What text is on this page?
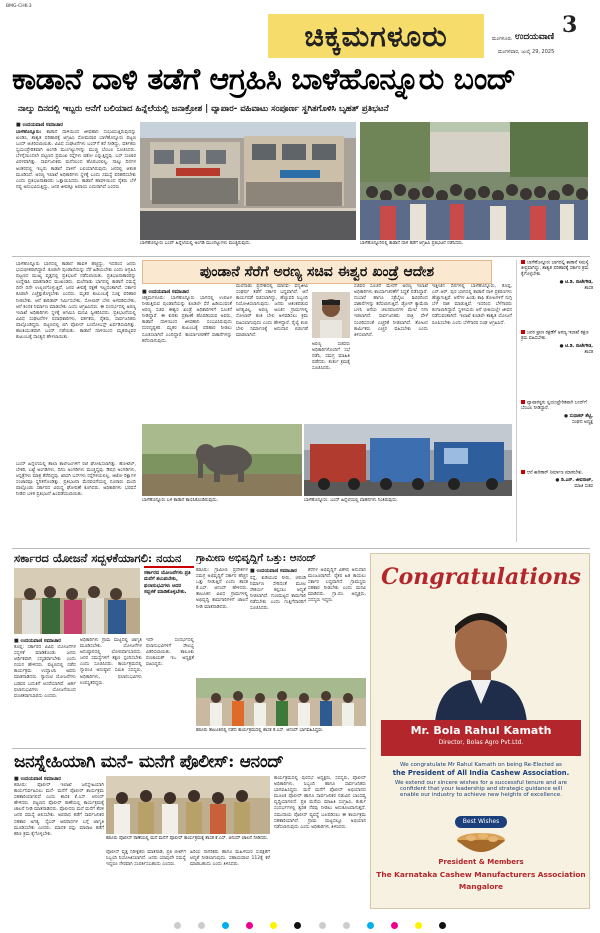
BMG-CHK-3
ಚಿಕ್ಕಮಗಳೂರು	3
ಮಂಗಳೂರು ಉದಯವಾಣಿ
ಮಂಗಳವಾರ, ಜುಲೈ 29, 2025
ಕಾಡಾನೆ ದಾಳಿ ತಡೆಗೆ ಆಗ್ರಹಿಸಿ ಬಾಳೆಹೊನ್ನೂರು ಬಂದ್
ನಾಲ್ಕು ದಿನದಲ್ಲಿ ಇಬ್ಬರು ಆನೆಗೆ ಬಲಿಯಾದ ಹಿನ್ನೆಲೆಯಲ್ಲಿ ಜನಾಕ್ರೋಶ | ವ್ಯಾಪಾರ- ವಹಿವಾಟು ಸಂಪೂರ್ಣ ಸ್ಥಗಿತಗೊಳಿಸಿ ಬೃಹತ್‌ ಪ್ರತಿಭಟನೆ
■ ಉದಯವಾಣಿ ಸಮಾಚಾರ
ಬಾಳೆಹೊನ್ನೂರು: ಕಾಡಾನೆ ದಾಳಿಯಿಂದ ಜೀವಹಾನಿ ಸಂಭವಿಸುತ್ತಿರುವುದನ್ನು ಖಂಡಿಸಿ, ಶಾಶ್ವತ ಪರಿಹಾರಕ್ಕೆ ಆಗ್ರಹಿಸಿ ಸೋಮವಾರ ಬಾಳೆಹೊನ್ನೂರು ಪಟ್ಟಣ ಬಂದ್‌ ಆಚರಿಸಲಾಯಿತು. ವಿವಿಧ ಸಂಘಟನೆಗಳು ಬಂದ್‌ಗೆ ಕರೆ ನೀಡಿದ್ದು, ವರ್ತಕರು ಸ್ವಯಂಪ್ರೇರಿತವಾಗಿ ಅಂಗಡಿ ಮುಂಗಟ್ಟುಗಳನ್ನು ಮುಚ್ಚಿ ಬೆಂಬಲ ಸೂಚಿಸಿದರು. ಬೆಳಗ್ಗೆಯಿಂದಲೇ ಪಟ್ಟಣದ ಪ್ರಮುಖ ರಸ್ತೆಗಳು ಬಿಕೋ ಎನ್ನುತ್ತಿದ್ದವು. ಬಸ್‌ ಸಂಚಾರ ವಿರಳವಾಗಿತ್ತು. ಸಾರ್ವಜನಿಕರು ಮನೆಯಿಂದ ಹೊರಬರಲಿಲ್ಲ. ನಾಲ್ಕು ದಿನಗಳ ಅಂತರದಲ್ಲಿ ಇಬ್ಬರು ಕಾಡಾನೆ ದಾಳಿಗೆ ಬಲಿಯಾಗಿರುವುದು ಜನರಲ್ಲಿ ಆತಂಕ ಮೂಡಿಸಿದೆ. ಅರಣ್ಯ ಇಲಾಖೆ ಅಧಿಕಾರಿಗಳು ಸ್ಥಳಕ್ಕೆ ಬಂದು ಸಮಸ್ಯೆ ಪರಿಹರಿಸಬೇಕು ಎಂದು ಪ್ರತಿಭಟನಾಕಾರರು ಒತ್ತಾಯಿಸಿದರು. ಕಾಡಾನೆ ಹಾವಳಿಯಿಂದ ರೈತರು ಬೆಳೆ ನಷ್ಟ ಅನುಭವಿಸುತ್ತಿದ್ದು, ಜನರ ಜೀವಕ್ಕೂ ಅಪಾಯ ಎದುರಾಗಿದೆ ಎಂದರು.
ಬಾಳೆಹೊನ್ನೂರು ಬಂದ್‌ ಹಿನ್ನೆಲೆಯಲ್ಲಿ ಅಂಗಡಿ ಮುಂಗಟ್ಟುಗಳು ಮುಚ್ಚಿರುವುದು.	ಬಾಳೆಹೊನ್ನೂರಿನಲ್ಲಿ ಕಾಡಾನೆ ದಾಳಿ ತಡೆಗೆ ಆಗ್ರಹಿಸಿ ಪ್ರತಿಭಟನೆ ನಡೆಸಿದರು.
ಪುಂಡಾನೆ ಸೆರೆಗೆ ಅರಣ್ಯ ಸಚಿವ ಈಶ್ವರ ಖಂಡ್ರೆ ಆದೇಶ
ಬಾಳೆಹೊನ್ನೂರು ಭಾಗದಲ್ಲಿ ಕಾಡಾನೆ ಹಾವಳಿ ಹೆಚ್ಚಿದ್ದು, ಇದರಿಂದ ಜನರು ಭಯಭೀತರಾಗಿದ್ದಾರೆ. ಕೂಡಲೇ ಪುಂಡಾನೆಯನ್ನು ಸೆರೆ ಹಿಡಿಯಬೇಕು ಎಂದು ಆಗ್ರಹಿಸಿ ಪಟ್ಟಣದ ಮುಖ್ಯ ವೃತ್ತದಲ್ಲಿ ಪ್ರತಿಭಟನೆ ನಡೆಸಲಾಯಿತು. ಪ್ರತಿಭಟನಾಕಾರರನ್ನು ಉದ್ದೇಶಿಸಿ ಮಾತನಾಡಿದ ಮುಖಂಡರು, ಮಲೆನಾಡು ಭಾಗದಲ್ಲಿ ಕಾಡಾನೆ ಸಮಸ್ಯೆ ದಿನೇ ದಿನೇ ಉಲ್ಬಣಗೊಳ್ಳುತ್ತಿದೆ. ಜನರ ಜೀವಕ್ಕೆ ರಕ್ಷಣೆ ಇಲ್ಲದಂತಾಗಿದೆ. ಸರ್ಕಾರ ಕೂಡಲೇ ಎಚ್ಚೆತ್ತುಕೊಳ್ಳಬೇಕು ಎಂದರು. ಮೃತರ ಕುಟುಂಬಕ್ಕೆ ಸೂಕ್ತ ಪರಿಹಾರ ನೀಡಬೇಕು. ಆನೆ ಕಾರಿಡಾರ್ ನಿರ್ಮಿಸಬೇಕು, ಸೋಲಾರ್‌ ಬೇಲಿ ಅಳವಡಿಸಬೇಕು, ಆನೆ ಕಂದಕ ನಿರ್ಮಾಣ ಮಾಡಬೇಕು ಎಂದು ಆಗ್ರಹಿಸಿದರು. ಈ ಸಂದರ್ಭದಲ್ಲಿ ಅರಣ್ಯ ಇಲಾಖೆ ಅಧಿಕಾರಿಗಳು ಸ್ಥಳಕ್ಕೆ ಆಗಮಿಸಿ ಮನವಿ ಸ್ವೀಕರಿಸಿದರು. ಪ್ರತಿಭಟನೆಯಲ್ಲಿ ವಿವಿಧ ಸಂಘಟನೆಗಳ ಪದಾಧಿಕಾರಿಗಳು, ವರ್ತಕರು, ರೈತರು, ಸಾರ್ವಜನಿಕರು ಪಾಲ್ಗೊಂಡಿದ್ದರು. ಪಟ್ಟಣದಲ್ಲಿ ಬಿಗಿ ಪೊಲೀಸ್‌ ಬಂದೋಬಸ್ತ್‌ ಏರ್ಪಡಿಸಲಾಗಿತ್ತು. ಶಾಂತಿಯುತವಾಗಿ ಬಂದ್‌ ನಡೆಯಿತು. ಕಾಡಾನೆ ದಾಳಿಯಿಂದ ಮೃತಪಟ್ಟವರ ಕುಟುಂಬಕ್ಕೆ ಸಾಂತ್ವನ ಹೇಳಲಾಯಿತು.
■ ಉದಯವಾಣಿ ಸಮಾಚಾರ
ಚಿಕ್ಕಮಗಳೂರು: ಬಾಳೆಹೊನ್ನೂರು ಭಾಗದಲ್ಲಿ ಉಪಟಳ ನೀಡುತ್ತಿರುವ ಪುಂಡಾನೆಯನ್ನು ಕೂಡಲೇ ಸೆರೆ ಹಿಡಿಯುವಂತೆ ಅರಣ್ಯ ಸಚಿವ ಈಶ್ವರ ಖಂಡ್ರೆ ಅಧಿಕಾರಿಗಳಿಗೆ ಸೂಚನೆ ನೀಡಿದ್ದಾರೆ. ಈ ಕುರಿತು ಪ್ರಕಟಣೆ ಹೊರಡಿಸಿರುವ ಅವರು, ಕಾಡಾನೆ ದಾಳಿಯಿಂದ ಜೀವಹಾನಿ ಸಂಭವಿಸಿರುವುದು ದುರದೃಷ್ಟಕರ. ಮೃತರ ಕುಟುಂಬಕ್ಕೆ ಪರಿಹಾರ ನೀಡಲು ಸೂಚಿಸಲಾಗಿದೆ ಎಂದಿದ್ದಾರೆ. ಕಾರ್ಯಾಚರಣೆಗೆ ಸಾಕಾನೆಗಳನ್ನು ಕರೆಸಲಾಗುವುದು.
ಮಲೆನಾಡು ಪ್ರದೇಶದಲ್ಲಿ ಮಾನವ- ವನ್ಯಜೀವಿ ಸಂಘರ್ಷ ತಡೆಗೆ ಸರ್ಕಾರ ಬದ್ಧವಾಗಿದೆ. ಆನೆ ಕಾರ್ಯಪಡೆ ರಚಿಸಲಾಗಿದ್ದು, ಹೆಚ್ಚುವರಿ ಸಿಬ್ಬಂದಿ ನಿಯೋಜಿಸಲಾಗುವುದು. ಜನರು ಆತಂಕಪಡುವ ಅಗತ್ಯವಿಲ್ಲ. ಅರಣ್ಯ ಅಂಚಿನ ಗ್ರಾಮಗಳಲ್ಲಿ ಸೋಲಾರ್‌ ತಂತಿ ಬೇಲಿ ಅಳವಡಿಸಲು ಕ್ರಮ ವಹಿಸಲಾಗುವುದು ಎಂದು ಹೇಳಿದ್ದಾರೆ. ರೈಲ್ವೆ ಕಂಬಿ ಬೇಲಿ ನಿರ್ಮಾಣಕ್ಕೆ ಅನುದಾನ ಬಿಡುಗಡೆ ಮಾಡಲಾಗಿದೆ.
ಅರಣ್ಯ ಸಚಿವರು ಅಧಿಕಾರಿಗಳೊಂದಿಗೆ ಸಭೆ ನಡೆಸಿ, ಸಮಗ್ರ ಮಾಹಿತಿ ಪಡೆದರು. ತುರ್ತು ಕ್ರಮಕ್ಕೆ ಸೂಚಿಸಿದರು.
ಸಚಿವರ ಸೂಚನೆ ಮೇರೆಗೆ ಅರಣ್ಯ ಇಲಾಖೆ ಅಧಿಕಾರಿಗಳು ಕಾರ್ಯಾಚರಣೆಗೆ ಸಿದ್ಧತೆ ನಡೆಸಿದ್ದಾರೆ. ದುಬಾರೆ ಹಾಗೂ ಸಕ್ರೆಬೈಲು ಶಿಬಿರದಿಂದ ಸಾಕಾನೆಗಳನ್ನು ಕರೆಸಲಾಗುತ್ತಿದೆ. ಡ್ರೋನ್‌ ಕ್ಯಾಮೆರಾ ಬಳಸಿ ಆನೆಯ ಚಲನವಲನಗಳ ಮೇಲೆ ನಿಗಾ ಇಡಲಾಗಿದೆ. ಸಾರ್ವಜನಿಕರು ರಾತ್ರಿ ವೇಳೆ ಸಂಚರಿಸದಂತೆ ಎಚ್ಚರಿಕೆ ನೀಡಲಾಗಿದೆ. ತೋಟದ ಕಾರ್ಮಿಕರು ಎಚ್ಚರ ವಹಿಸಬೇಕು ಎಂದು ತಿಳಿಸಲಾಗಿದೆ.
ಇತ್ತೀಚಿನ ದಿನಗಳಲ್ಲಿ ಬಾಳೆಹೊನ್ನೂರು, ಕೊಪ್ಪ, ಎನ್‌.ಆರ್‌. ಪುರ ಭಾಗದಲ್ಲಿ ಕಾಡಾನೆ ದಾಳಿ ಪ್ರಕರಣಗಳು ಹೆಚ್ಚಾಗುತ್ತಿವೆ. ಆನೆಗಳ ಹಿಂಡು ಕಾಫಿ ತೋಟಗಳಿಗೆ ನುಗ್ಗಿ ಬೆಳೆ ನಾಶ ಮಾಡುತ್ತಿವೆ. ಇದರಿಂದ ಬೆಳೆಗಾರರು ಕಂಗಾಲಾಗಿದ್ದಾರೆ. ಸ್ಥಳೀಯರು ಆನೆ ಭೀತಿಯಲ್ಲೇ ಜೀವನ ನಡೆಸುವಂತಾಗಿದೆ. ಇಲಾಖೆ ಕೂಡಲೇ ಶಾಶ್ವತ ಯೋಜನೆ ರೂಪಿಸಬೇಕು ಎಂದು ಬೆಳೆಗಾರರ ಸಂಘ ಆಗ್ರಹಿಸಿದೆ.
ಬಾಳೆಹೊನ್ನೂರು ಬಳಿ ಕಾಡಾನೆ ಕಾಣಿಸಿಕೊಂಡಿರುವುದು.	ಬಾಳೆಹೊನ್ನೂರು: ಬಂದ್‌ ಹಿನ್ನೆಲೆಯಲ್ಲಿ ವಾಹನಗಳು ನಿಂತಿರುವುದು.
ಬಂದ್‌ ಹಿನ್ನೆಲೆಯಲ್ಲಿ ಶಾಲಾ ಕಾಲೇಜುಗಳಿಗೆ ರಜೆ ಘೋಷಿಸಲಾಗಿತ್ತು. ಹೋಟೆಲ್‌, ಬೇಕರಿ, ಬಟ್ಟೆ ಅಂಗಡಿಗಳು, ದಿನಸಿ ಅಂಗಡಿಗಳು ಮುಚ್ಚಿದ್ದವು. ಔಷಧ ಅಂಗಡಿಗಳು, ಆಸ್ಪತ್ರೆಗಳು ಮಾತ್ರ ತೆರೆದಿದ್ದವು. ಖಾಸಗಿ ಬಸ್‌ಗಳು ರಸ್ತೆಗಿಳಿಯಲಿಲ್ಲ. ಆಟೋ ರಿಕ್ಷಾಗಳ ಸಂಚಾರವೂ ಸ್ಥಗಿತಗೊಂಡಿತ್ತು. ಪ್ರತಿಭಟನಾ ಮೆರವಣಿಗೆಯಲ್ಲಿ ನೂರಾರು ಮಂದಿ ಪಾಲ್ಗೊಂಡು ಸರ್ಕಾರದ ವಿರುದ್ಧ ಘೋಷಣೆ ಕೂಗಿದರು. ಅಧಿಕಾರಿಗಳು ಭರವಸೆ ನೀಡಿದ ಬಳಿಕ ಪ್ರತಿಭಟನೆ ಹಿಂಪಡೆಯಲಾಯಿತು.
ಬಾಳೆಹೊನ್ನೂರು ಭಾಗದಲ್ಲಿ ಕಾಡಾನೆ ಸಮಸ್ಯೆ ತೀವ್ರವಾಗಿದ್ದು, ಶಾಶ್ವತ ಪರಿಹಾರಕ್ಕೆ ಸರ್ಕಾರ ಕ್ರಮ ಕೈಗೊಳ್ಳಬೇಕು.
● ಟಿ.ಡಿ. ರಾಜೇಗೌಡ,
ಶಾಸಕ
ಜನರ ಪ್ರಾಣ ರಕ್ಷಣೆಗೆ ಅರಣ್ಯ ಇಲಾಖೆ ತಕ್ಷಣ ಕ್ರಮ ವಹಿಸಬೇಕು.
● ಟಿ.ಡಿ. ರಾಜೇಗೌಡ,
ಶಾಸಕ
ವ್ಯಾಪಾರಸ್ಥರು ಸ್ವಯಂಪ್ರೇರಿತವಾಗಿ ಬಂದ್‌ಗೆ ಬೆಂಬಲ ನೀಡಿದ್ದಾರೆ.
● ಸುಧಾಕರ್ ಶೆಟ್ಟಿ,
ಸಂಘದ ಅಧ್ಯಕ್ಷ
ಆನೆ ಕಾರಿಡಾರ್ ನಿರ್ಮಾಣ ಮಾಡಬೇಕು.
● ಡಿ.ಎನ್. ಜೀವರಾಜ್,
ಮಾಜಿ ಸಚಿವ
ಸರ್ಕಾರದ ಯೋಜನೆ ಸದ್ಬಳಕೆಯಾಗಲಿ: ನಯನ
ಸರ್ಕಾರದ ಯೋಜನೆಗಳು ಪ್ರತಿ ಮನೆಗೆ ತಲುಪಬೇಕು, ಫಲಾನುಭವಿಗಳು ಅದರ ಸದ್ಬಳಕೆ ಮಾಡಿಕೊಳ್ಳಬೇಕು.
■ ಉದಯವಾಣಿ ಸಮಾಚಾರ
ಕೊಪ್ಪ: ಸರ್ಕಾರದ ವಿವಿಧ ಯೋಜನೆಗಳ ಸದ್ಬಳಕೆ ಮಾಡಿಕೊಂಡು ಜನರು ಆರ್ಥಿಕವಾಗಿ ಸದೃಢರಾಗಬೇಕು ಎಂದು ನಯನ ಹೇಳಿದರು. ಪಟ್ಟಣದಲ್ಲಿ ನಡೆದ ಕಾರ್ಯಕ್ರಮ ಉದ್ಘಾಟಿಸಿ ಅವರು ಮಾತನಾಡಿದರು. ಗ್ಯಾರಂಟಿ ಯೋಜನೆಗಳು ಬಡವರ ಬದುಕಿಗೆ ಆಸರೆಯಾಗಿವೆ. ಅರ್ಹ ಫಲಾನುಭವಿಗಳು ಯೋಜನೆಯಿಂದ ವಂಚಿತರಾಗಬಾರದು ಎಂದರು.
ಅಧಿಕಾರಿಗಳು ಗ್ರಾಮ ಮಟ್ಟದಲ್ಲಿ ಜಾಗೃತಿ ಮೂಡಿಸಬೇಕು. ಯೋಜನೆಗಳ ಅನುಷ್ಠಾನದಲ್ಲಿ ಲೋಪವಾಗಬಾರದು. ಜನರ ಸಮಸ್ಯೆಗಳಿಗೆ ತಕ್ಷಣ ಸ್ಪಂದಿಸಬೇಕು ಎಂದು ಸೂಚಿಸಿದರು. ಕಾರ್ಯಕ್ರಮದಲ್ಲಿ ಗ್ಯಾರಂಟಿ ಅನುಷ್ಠಾನ ಸಮಿತಿ ಸದಸ್ಯರು, ಅಧಿಕಾರಿಗಳು, ಫಲಾನುಭವಿಗಳು ಉಪಸ್ಥಿತರಿದ್ದರು.
ಇದೇ ಸಂದರ್ಭದಲ್ಲಿ ಫಲಾನುಭವಿಗಳಿಗೆ ಸೌಲಭ್ಯ ವಿತರಿಸಲಾಯಿತು. ತಾಲೂಕು ಪಂಚಾಯತ್‌ ಇಒ ಅಧ್ಯಕ್ಷತೆ ವಹಿಸಿದ್ದರು.
ಗ್ರಾಮೀಣ ಅಭಿವೃದ್ಧಿಗೆ ಒತ್ತು: ಆನಂದ್
■ ಉದಯವಾಣಿ ಸಮಾಚಾರ
ಕಡೂರು: ಗ್ರಾಮೀಣ ಪ್ರದೇಶಗಳ ಸಮಗ್ರ ಅಭಿವೃದ್ಧಿಗೆ ಸರ್ಕಾರ ಹೆಚ್ಚಿನ ಒತ್ತು ನೀಡುತ್ತಿದೆ ಎಂದು ಶಾಸಕ ಕೆ.ಎಸ್. ಆನಂದ್‌ ಹೇಳಿದರು. ತಾಲೂಕಿನ ವಿವಿಧ ಗ್ರಾಮಗಳಲ್ಲಿ ಅಭಿವೃದ್ಧಿ ಕಾಮಗಾರಿಗಳಿಗೆ ಚಾಲನೆ ನೀಡಿ ಮಾತನಾಡಿದರು.
ರಸ್ತೆ, ಕುಡಿಯುವ ನೀರು, ಚರಂಡಿ ನಿರ್ಮಾಣ ಸೇರಿದಂತೆ ಮೂಲ ಸೌಕರ್ಯ ಕಲ್ಪಿಸಲು ಆದ್ಯತೆ ನೀಡಲಾಗಿದೆ. ಗುಣಮಟ್ಟದ ಕಾಮಗಾರಿ ನಡೆಸಬೇಕು ಎಂದು ಗುತ್ತಿಗೆದಾರರಿಗೆ ಸೂಚಿಸಿದರು.
ಕೆರೆಗಳ ಅಭಿವೃದ್ಧಿಗೆ ವಿಶೇಷ ಅನುದಾನ ಮಂಜೂರಾಗಿದೆ. ರೈತರ ಹಿತ ಕಾಯಲು ಸರ್ಕಾರ ಬದ್ಧವಾಗಿದೆ. ಗ್ರಾಮಸ್ಥರು ಸಹಕಾರ ನೀಡಬೇಕು ಎಂದು ಮನವಿ ಮಾಡಿದರು. ಗ್ರಾ.ಪಂ. ಅಧ್ಯಕ್ಷರು, ಸದಸ್ಯರು ಇದ್ದರು.
ಕಡೂರು ತಾಲೂಕಿನಲ್ಲಿ ನಡೆದ ಕಾರ್ಯಕ್ರಮದಲ್ಲಿ ಶಾಸಕ ಕೆ.ಎಸ್. ಆನಂದ್‌ ಭಾಗವಹಿಸಿದ್ದರು.
Congratulations
Mr. Bola Rahul Kamath
Director, Bolas Agro Pvt.Ltd.
We congratulate Mr Rahul Kamath on being Re-Elected as
the President of All India Cashew Association.
We extend our sincere wishes for a successful tenure and are
confident that your leadership and strategic guidance will
enable our industry to achieve new heights of excellence.
Best Wishes
President & Members
The Karnataka Cashew Manufacturers Association
Mangalore
ಜನಸ್ನೇಹಿಯಾಗಿ ಮನೆ- ಮನೆಗೆ ಪೊಲೀಸ್: ಆನಂದ್
■ ಉದಯವಾಣಿ ಸಮಾಚಾರ
ಕಡೂರು: ಪೊಲೀಸ್‌ ಇಲಾಖೆ ಜನಸ್ನೇಹಿಯಾಗಿ ಕಾರ್ಯನಿರ್ವಹಿಸಲು ಮನೆ- ಮನೆಗೆ ಪೊಲೀಸ್‌ ಕಾರ್ಯಕ್ರಮ ಸಹಕಾರಿಯಾಗಲಿದೆ ಎಂದು ಶಾಸಕ ಕೆ.ಎಸ್. ಆನಂದ್‌ ಹೇಳಿದರು. ಪಟ್ಟಣದ ಪೊಲೀಸ್‌ ಠಾಣೆಯಲ್ಲಿ ಕಾರ್ಯಕ್ರಮಕ್ಕೆ ಚಾಲನೆ ನೀಡಿ ಮಾತನಾಡಿದರು. ಪೊಲೀಸರು ಮನೆ ಮನೆಗೆ ತೆರಳಿ ಜನರ ಸಮಸ್ಯೆ ಆಲಿಸಬೇಕು. ಅಪರಾಧ ತಡೆಗೆ ಸಾರ್ವಜನಿಕರ ಸಹಕಾರ ಅಗತ್ಯ. ಸೈಬರ್‌ ಅಪರಾಧಗಳ ಬಗ್ಗೆ ಜಾಗೃತಿ ಮೂಡಿಸಬೇಕು ಎಂದರು. ಮಾದಕ ವಸ್ತು ಮಾರಾಟ ತಡೆಗೆ ಕಠಿಣ ಕ್ರಮ ಕೈಗೊಳ್ಳಬೇಕು.
ಕಡೂರು ಪೊಲೀಸ್‌ ಠಾಣೆಯಲ್ಲಿ ಮನೆ ಮನೆಗೆ ಪೊಲೀಸ್‌ ಕಾರ್ಯಕ್ರಮಕ್ಕೆ ಶಾಸಕ ಕೆ.ಎಸ್. ಆನಂದ್‌ ಚಾಲನೆ ನೀಡಿದರು.
ಪೊಲೀಸ್‌ ವೃತ್ತ ನಿರೀಕ್ಷಕರು ಮಾತನಾಡಿ, ಪ್ರತಿ ಬೀಟ್‌ಗೆ ಸಿಬ್ಬಂದಿ ನಿಯೋಜಿಸಲಾಗಿದೆ. ಜನರು ಯಾವುದೇ ಸಮಸ್ಯೆ ಇದ್ದರೂ ನೇರವಾಗಿ ಸಂಪರ್ಕಿಸಬಹುದು ಎಂದರು.
ಹಿರಿಯ ನಾಗರಿಕರು ಹಾಗೂ ಮಹಿಳೆಯರ ಸುರಕ್ಷತೆಗೆ ಆದ್ಯತೆ ನೀಡಲಾಗುವುದು. ಸಹಾಯವಾಣಿ 112ಕ್ಕೆ ಕರೆ ಮಾಡಬಹುದು ಎಂದು ತಿಳಿಸಿದರು.
ಕಾರ್ಯಕ್ರಮದಲ್ಲಿ ಪುರಸಭೆ ಅಧ್ಯಕ್ಷರು, ಸದಸ್ಯರು, ಪೊಲೀಸ್‌ ಅಧಿಕಾರಿಗಳು, ಸಿಬ್ಬಂದಿ ಹಾಗೂ ಸಾರ್ವಜನಿಕರು ಭಾಗವಹಿಸಿದ್ದರು. ಮನೆ ಮನೆಗೆ ಪೊಲೀಸ್‌ ಅಭಿಯಾನದ ಮೂಲಕ ಪೊಲೀಸ್‌ ಹಾಗೂ ಸಾರ್ವಜನಿಕರ ನಡುವಿನ ಬಾಂಧವ್ಯ ವೃದ್ಧಿಯಾಗಲಿದೆ. ಪ್ರತಿ ಮನೆಯ ಮಾಹಿತಿ ಸಂಗ್ರಹಿಸಿ, ತುರ್ತು ಸಂದರ್ಭಗಳಲ್ಲಿ ತ್ವರಿತ ನೆರವು ನೀಡಲು ಅನುಕೂಲವಾಗುತ್ತದೆ. ಸಮುದಾಯ ಪೊಲೀಸ್‌ ವ್ಯವಸ್ಥೆ ಬಲಪಡಿಸಲು ಈ ಕಾರ್ಯಕ್ರಮ ಸಹಕಾರಿಯಾಗಿದೆ. ಗ್ರಾಮ ಮಟ್ಟದಲ್ಲೂ ಅಭಿಯಾನ ನಡೆಸಲಾಗುವುದು ಎಂದು ಅಧಿಕಾರಿಗಳು ತಿಳಿಸಿದರು.
